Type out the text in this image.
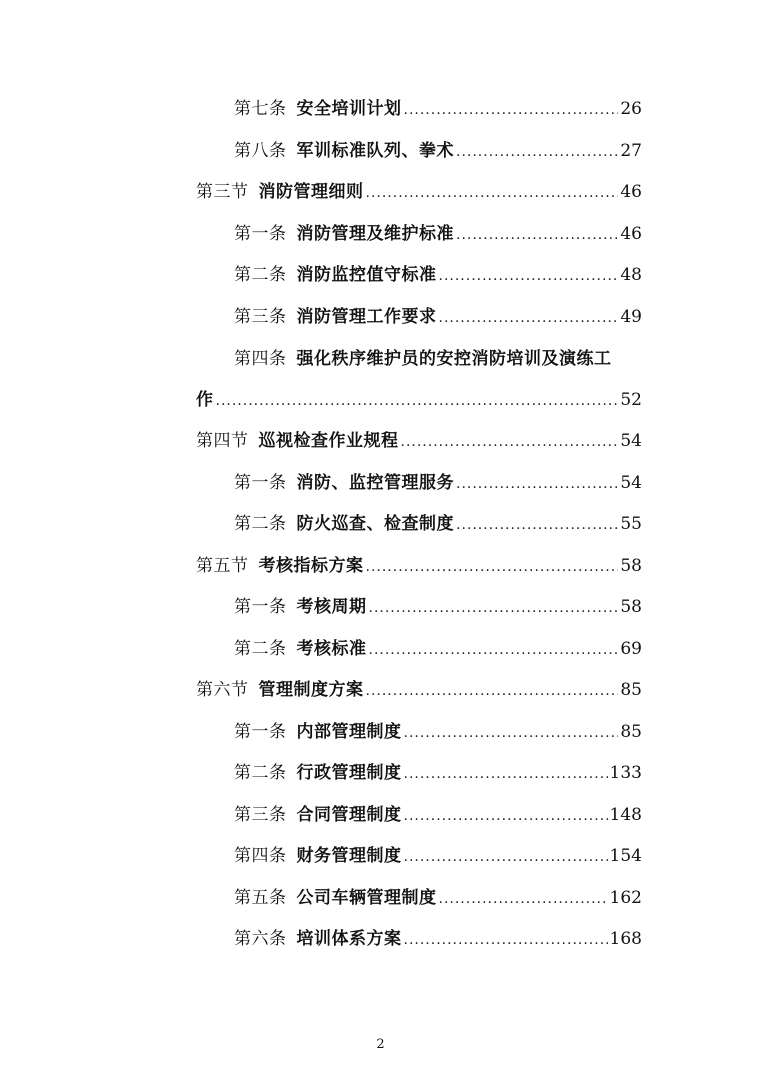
第七条 安全培训计划 .....	26
第八条 军训标准队列、拳术 .....	27
第三节 消防管理细则 .....	46
第一条 消防管理及维护标准 .....	46
第二条 消防监控值守标准 .....	48
第三条 消防管理工作要求 .....	49
第四条 强化秩序维护员的安控消防培训及演练工
作 .....	52
第四节 巡视检查作业规程 .....	54
第一条 消防、监控管理服务 .....	54
第二条 防火巡查、检查制度 .....	55
第五节 考核指标方案 .....	58
第一条 考核周期 .....	58
第二条 考核标准 .....	69
第六节 管理制度方案 .....	85
第一条 内部管理制度 .....	85
第二条 行政管理制度 .....	133
第三条 合同管理制度 .....	148
第四条 财务管理制度 .....	154
第五条 公司车辆管理制度 .....	162
第六条 培训体系方案 .....	168
2
